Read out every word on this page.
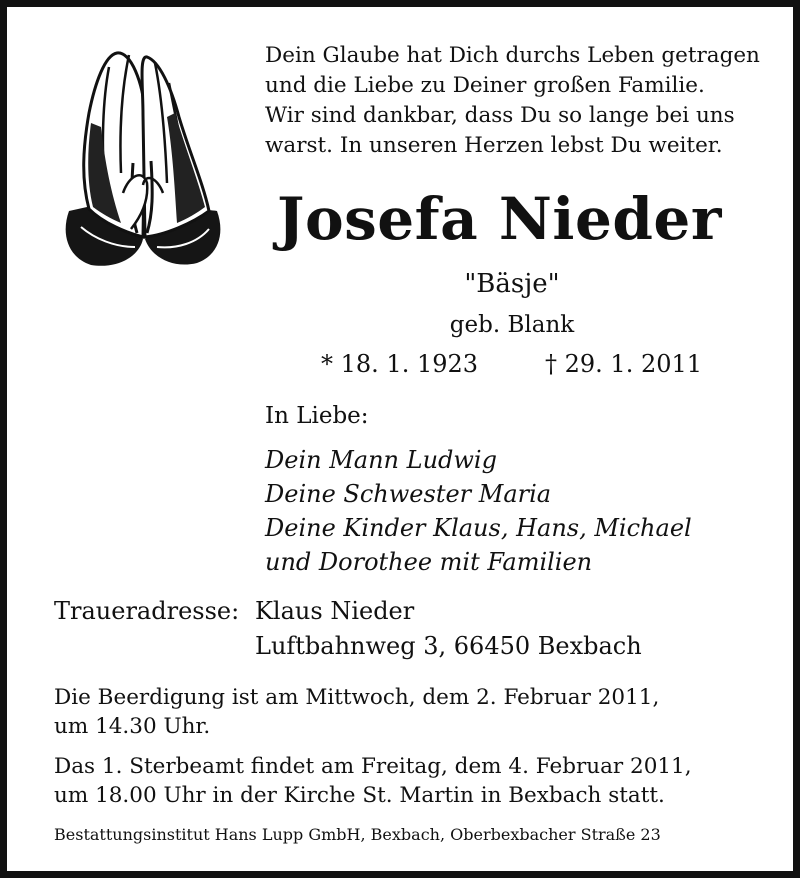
Dein Glaube hat Dich durchs Leben getragen
und die Liebe zu Deiner großen Familie.
Wir sind dankbar, dass Du so lange bei uns
warst. In unseren Herzen lebst Du weiter.
Josefa Nieder
"Bäsje"
geb. Blank
* 18. 1. 1923	† 29. 1. 2011
In Liebe:
Dein Mann Ludwig
Deine Schwester Maria
Deine Kinder Klaus, Hans, Michael
und Dorothee mit Familien
Traueradresse: Klaus Nieder
Luftbahnweg 3, 66450 Bexbach
Die Beerdigung ist am Mittwoch, dem 2. Februar 2011,
um 14.30 Uhr.
Das 1. Sterbeamt findet am Freitag, dem 4. Februar 2011,
um 18.00 Uhr in der Kirche St. Martin in Bexbach statt.
Bestattungsinstitut Hans Lupp GmbH, Bexbach, Oberbexbacher Straße 23
